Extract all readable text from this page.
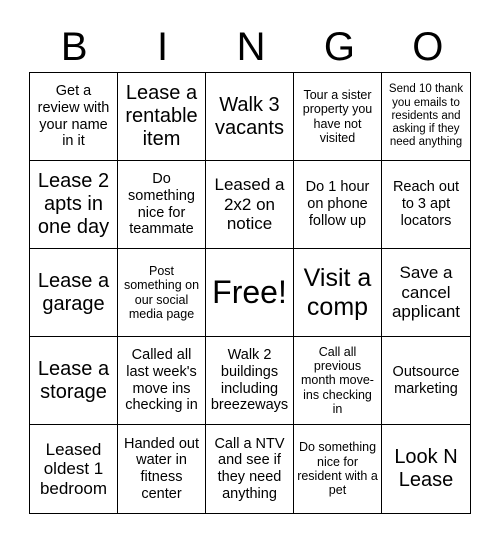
B	I	N	G	O
Get a review with your name in it
Lease a rentable item
Walk 3 vacants
Tour a sister property you have not visited
Send 10 thank you emails to residents and asking if they need anything
Lease 2 apts in one day
Do something nice for teammate
Leased a 2x2 on notice
Do 1 hour on phone follow up
Reach out to 3 apt locators
Lease a garage
Post something on our social media page
Free! Visit a comp
Save a cancel applicant
Lease a storage
Called all last week's move ins checking in
Walk 2 buildings including breezeways
Call all previous month move-ins checking in
Outsource marketing
Leased oldest 1 bedroom
Handed out water in fitness center
Call a NTV and see if they need anything
Do something nice for resident with a pet
Look N Lease
